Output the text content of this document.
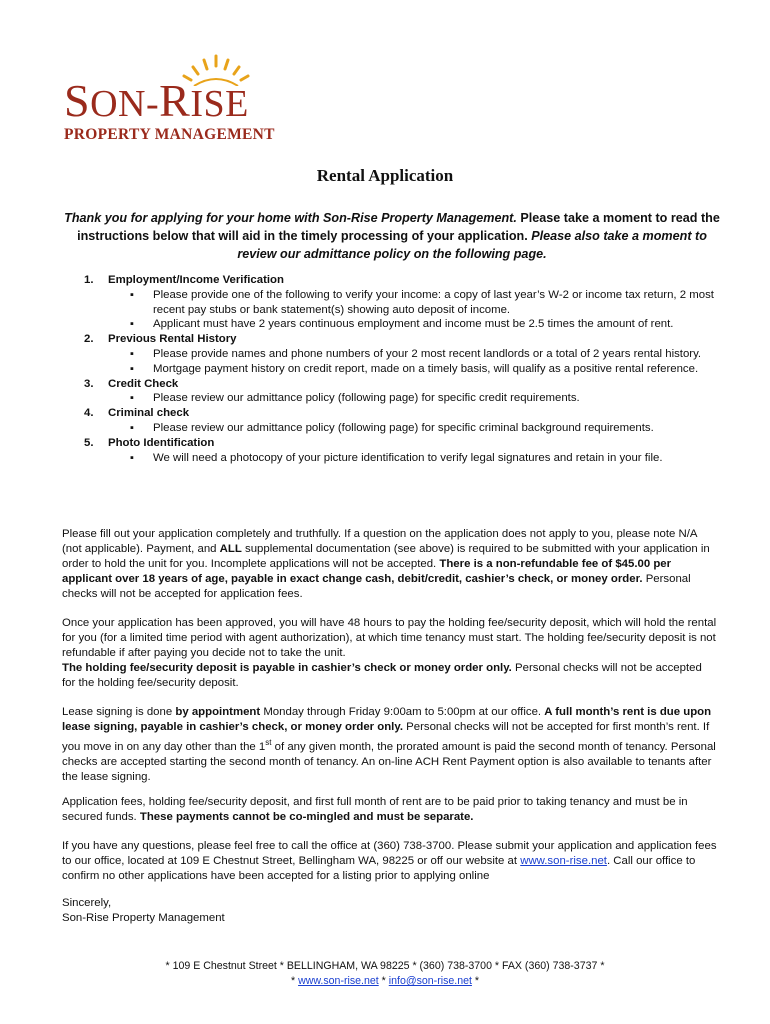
SON-RISE
PROPERTY MANAGEMENT
Rental Application
Thank you for applying for your home with Son-Rise Property Management. Please take a moment to read the instructions below that will aid in the timely processing of your application. Please also take a moment to review our admittance policy on the following page.
1. Employment/Income Verification
▪ Please provide one of the following to verify your income: a copy of last year’s W-2 or income tax return, 2 most recent pay stubs or bank statement(s) showing auto deposit of income.
▪ Applicant must have 2 years continuous employment and income must be 2.5 times the amount of rent.
2. Previous Rental History
▪ Please provide names and phone numbers of your 2 most recent landlords or a total of 2 years rental history.
▪ Mortgage payment history on credit report, made on a timely basis, will qualify as a positive rental reference.
3. Credit Check
▪ Please review our admittance policy (following page) for specific credit requirements.
4. Criminal check
▪ Please review our admittance policy (following page) for specific criminal background requirements.
5. Photo Identification
▪ We will need a photocopy of your picture identification to verify legal signatures and retain in your file.

Please fill out your application completely and truthfully. If a question on the application does not apply to you, please note N/A (not applicable). Payment, and ALL supplemental documentation (see above) is required to be submitted with your application in order to hold the unit for you. Incomplete applications will not be accepted. There is a non-refundable fee of $45.00 per applicant over 18 years of age, payable in exact change cash, debit/credit, cashier’s check, or money order. Personal checks will not be accepted for application fees.

Once your application has been approved, you will have 48 hours to pay the holding fee/security deposit, which will hold the rental for you (for a limited time period with agent authorization), at which time tenancy must start. The holding fee/security deposit is not refundable if after paying you decide not to take the unit.
The holding fee/security deposit is payable in cashier’s check or money order only. Personal checks will not be accepted for the holding fee/security deposit.

Lease signing is done by appointment Monday through Friday 9:00am to 5:00pm at our office. A full month’s rent is due upon lease signing, payable in cashier’s check, or money order only. Personal checks will not be accepted for first month’s rent. If you move in on any day other than the 1st of any given month, the prorated amount is paid the second month of tenancy. Personal checks are accepted starting the second month of tenancy. An on-line ACH Rent Payment option is also available to tenants after the lease signing.

Application fees, holding fee/security deposit, and first full month of rent are to be paid prior to taking tenancy and must be in secured funds. These payments cannot be co-mingled and must be separate.

If you have any questions, please feel free to call the office at (360) 738-3700. Please submit your application and application fees to our office, located at 109 E Chestnut Street, Bellingham WA, 98225 or off our website at www.son-rise.net. Call our office to confirm no other applications have been accepted for a listing prior to applying online

Sincerely,
Son-Rise Property Management

* 109 E Chestnut Street * BELLINGHAM, WA 98225 * (360) 738-3700 * FAX (360) 738-3737 *
* www.son-rise.net * info@son-rise.net *
